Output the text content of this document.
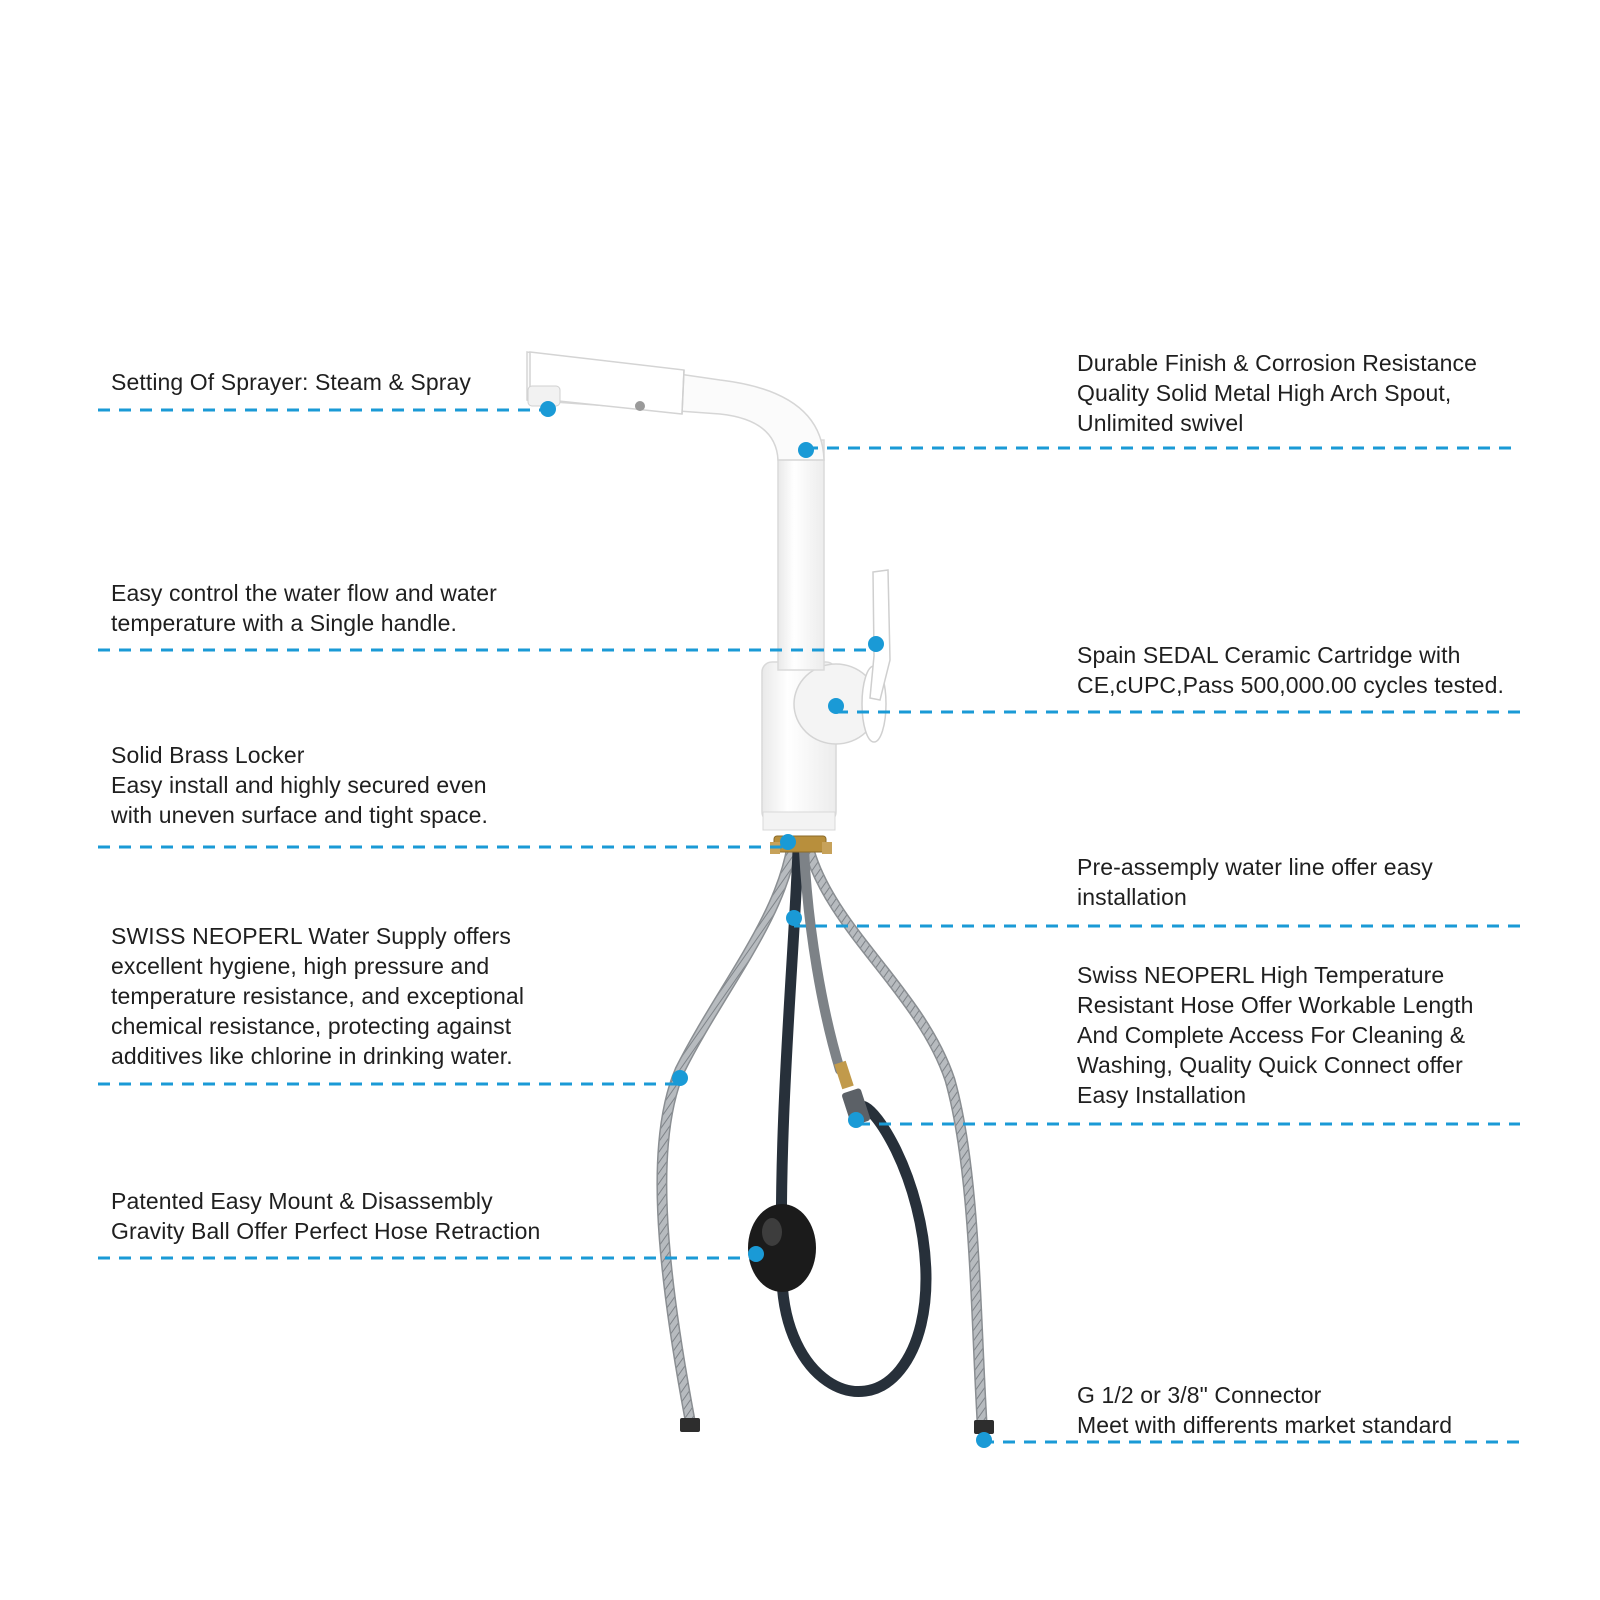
Setting Of Sprayer: Steam & Spray
Easy control the water flow and water
temperature with a Single handle.
Solid Brass Locker
Easy install and highly secured even
with uneven surface and tight space.
SWISS NEOPERL Water Supply offers
excellent hygiene, high pressure and
temperature resistance, and exceptional
chemical resistance, protecting against
additives like chlorine in drinking water.
Patented Easy Mount & Disassembly
Gravity Ball Offer Perfect Hose Retraction
Durable Finish & Corrosion Resistance
Quality Solid Metal High Arch Spout,
Unlimited swivel
Spain SEDAL Ceramic Cartridge with
CE,cUPC,Pass 500,000.00 cycles tested.
Pre-assemply water line offer easy
installation
Swiss NEOPERL High Temperature
Resistant Hose Offer Workable Length
And Complete Access For Cleaning &
Washing, Quality Quick Connect offer
Easy Installation
G 1/2 or 3/8" Connector
Meet with differents market standard
